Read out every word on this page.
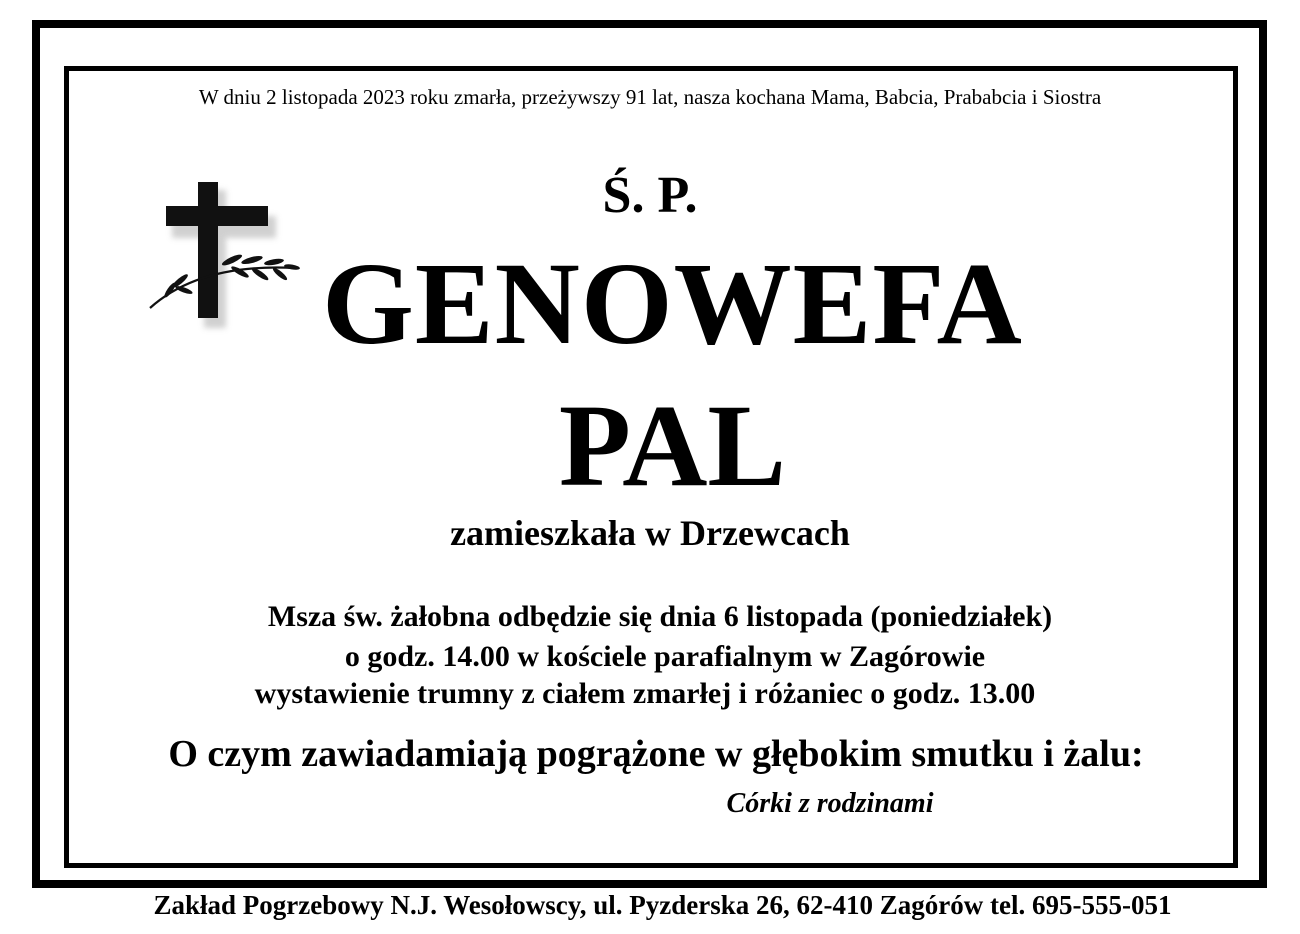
W dniu 2 listopada 2023 roku zmarła, przeżywszy 91 lat, nasza kochana Mama, Babcia, Prababcia i Siostra

Ś. P.

GENOWEFA

PAL

zamieszkała w Drzewcach

Msza św. żałobna odbędzie się dnia 6 listopada (poniedziałek)

o godz. 14.00 w kościele parafialnym w Zagórowie

wystawienie trumny z ciałem zmarłej i różaniec o godz. 13.00

O czym zawiadamiają pogrążone w głębokim smutku i żalu:

Córki z rodzinami

Zakład Pogrzebowy N.J. Wesołowscy, ul. Pyzderska 26, 62-410 Zagórów tel. 695-555-051
